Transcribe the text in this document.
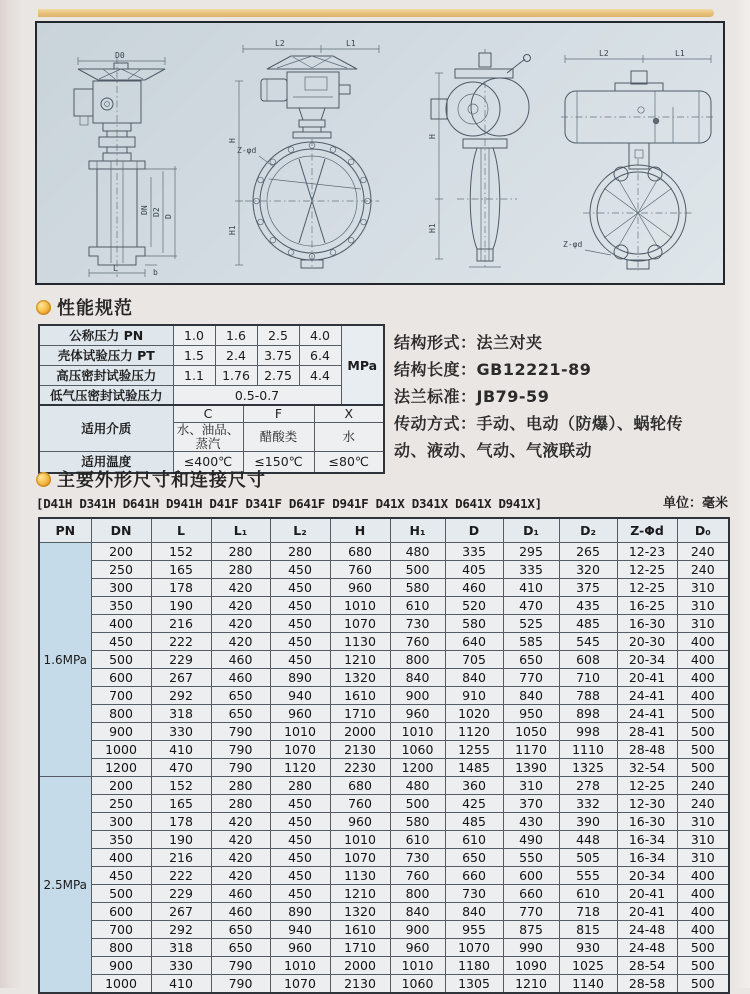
D0
DN D2 D
L	b
L2	L1
Z-φd
H
H1
H
H1
L2	L1
Z-φd
性能规范
公称压力 PN	1.0	1.6	2.5	4.0	MPa
壳体试验压力 PT	1.5	2.4	3.75	6.4	
高压密封试验压力	1.1	1.76	2.75	4.4	
低气压密封试验压力	0.5-0.7				
适用介质	C	F	X
	水、油品、蒸汽	醋酸类	水
适用温度	≤400℃	≤150℃	≤80℃
结构形式：法兰对夹
结构长度：GB12221-89
法兰标准：JB79-59
传动方式：手动、电动（防爆）、蜗轮传
动、液动、气动、气液联动
主要外形尺寸和连接尺寸
[D41H D341H D641H D941H D41F D341F D641F D941F D41X D341X D641X D941X]	单位：毫米
PN	DN	L	L₁	L₂	H	H₁	D	D₁	D₂	Z-Φd	D₀
1.6MPa	200	152	280	280	680	480	335	295	265	12-23	240
	250	165	280	450	760	500	405	335	320	12-25	240
	300	178	420	450	960	580	460	410	375	12-25	310
	350	190	420	450	1010	610	520	470	435	16-25	310
	400	216	420	450	1070	730	580	525	485	16-30	310
	450	222	420	450	1130	760	640	585	545	20-30	400
	500	229	460	450	1210	800	705	650	608	20-34	400
	600	267	460	890	1320	840	840	770	710	20-41	400
	700	292	650	940	1610	900	910	840	788	24-41	400
	800	318	650	960	1710	960	1020	950	898	24-41	500
	900	330	790	1010	2000	1010	1120	1050	998	28-41	500
	1000	410	790	1070	2130	1060	1255	1170	1110	28-48	500
	1200	470	790	1120	2230	1200	1485	1390	1325	32-54	500
2.5MPa	200	152	280	280	680	480	360	310	278	12-25	240
	250	165	280	450	760	500	425	370	332	12-30	240
	300	178	420	450	960	580	485	430	390	16-30	310
	350	190	420	450	1010	610	610	490	448	16-34	310
	400	216	420	450	1070	730	650	550	505	16-34	310
	450	222	420	450	1130	760	660	600	555	20-34	400
	500	229	460	450	1210	800	730	660	610	20-41	400
	600	267	460	890	1320	840	840	770	718	20-41	400
	700	292	650	940	1610	900	955	875	815	24-48	400
	800	318	650	960	1710	960	1070	990	930	24-48	500
	900	330	790	1010	2000	1010	1180	1090	1025	28-54	500
	1000	410	790	1070	2130	1060	1305	1210	1140	28-58	500
